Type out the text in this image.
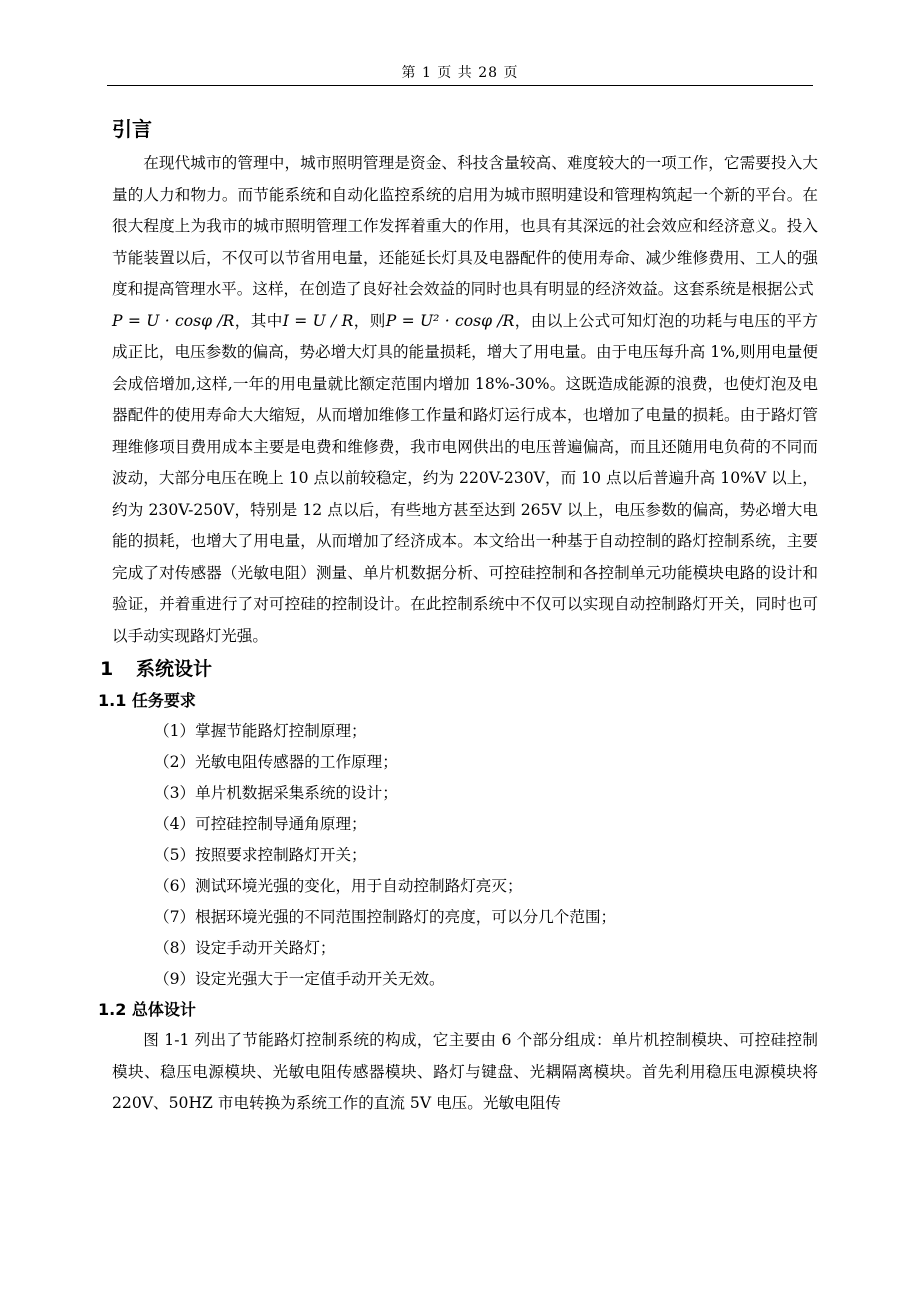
第 1 页 共 28 页
引言

在现代城市的管理中，城市照明管理是资金、科技含量较高、难度较大的一项工作，它需要投入大量的人力和物力。而节能系统和自动化监控系统的启用为城市照明建设和管理构筑起一个新的平台。在很大程度上为我市的城市照明管理工作发挥着重大的作用，也具有其深远的社会效应和经济意义。投入节能装置以后，不仅可以节省用电量，还能延长灯具及电器配件的使用寿命、减少维修费用、工人的强度和提高管理水平。这样，在创造了良好社会效益的同时也具有明显的经济效益。这套系统是根据公式
P = U · cosφ /R，其中I = U / R，则P = U² · cosφ /R，由以上公式可知灯泡的功耗与电压的平方成正比，电压参数的偏高，势必增大灯具的能量损耗，增大了用电量。由于电压每升高 1%,则用电量便会成倍增加,这样,一年的用电量就比额定范围内增加 18%-30%。这既造成能源的浪费，也使灯泡及电器配件的使用寿命大大缩短，从而增加维修工作量和路灯运行成本，也增加了电量的损耗。由于路灯管理维修项目费用成本主要是电费和维修费，我市电网供出的电压普遍偏高，而且还随用电负荷的不同而波动，大部分电压在晚上 10 点以前较稳定，约为 220V-230V，而 10 点以后普遍升高 10%V 以上，约为 230V-250V，特别是 12 点以后，有些地方甚至达到 265V 以上，电压参数的偏高，势必增大电能的损耗，也增大了用电量，从而增加了经济成本。本文给出一种基于自动控制的路灯控制系统，主要完成了对传感器（光敏电阻）测量、单片机数据分析、可控硅控制和各控制单元功能模块电路的设计和验证，并着重进行了对可控硅的控制设计。在此控制系统中不仅可以实现自动控制路灯开关，同时也可以手动实现路灯光强。

1 系统设计
1.1 任务要求
（1）掌握节能路灯控制原理；
（2）光敏电阻传感器的工作原理；
（3）单片机数据采集系统的设计；
（4）可控硅控制导通角原理；
（5）按照要求控制路灯开关；
（6）测试环境光强的变化，用于自动控制路灯亮灭；
（7）根据环境光强的不同范围控制路灯的亮度，可以分几个范围；
（8）设定手动开关路灯；
（9）设定光强大于一定值手动开关无效。
1.2 总体设计

图 1-1 列出了节能路灯控制系统的构成，它主要由 6 个部分组成：单片机控制模块、可控硅控制模块、稳压电源模块、光敏电阻传感器模块、路灯与键盘、光耦隔离模块。首先利用稳压电源模块将 220V、50HZ 市电转换为系统工作的直流 5V 电压。光敏电阻传
